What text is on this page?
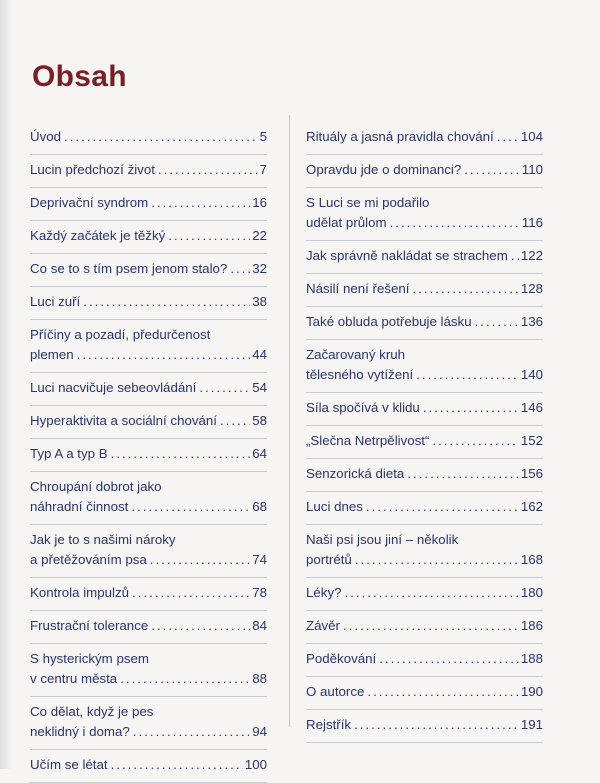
Obsah
Úvod .....	5
Lucin předchozí život .....	7
Deprivační syndrom .....	16
Každý začátek je těžký .....	22
Co se to s tím psem jenom stalo? ..... 32
Luci zuří .....	38
Příčiny a pozadí, předurčenost
plemen .....	44
Luci nacvičuje sebeovládání .....	54
Hyperaktivita a sociální chování .....	58
Typ A a typ B .....	64
Chroupání dobrot jako
náhradní činnost .....	68
Jak je to s našimi nároky
a přetěžováním psa .....	74
Kontrola impulzů .....	78
Frustrační tolerance .....	84
S hysterickým psem
v centru města .....	88
Co dělat, když je pes
neklidný i doma? .....	94
Učím se létat .....	100
Rituály a jasná pravidla chování ..... 104
Opravdu jde o dominanci? .....	110
S Luci se mi podařilo
udělat průlom .....	116
Jak správně nakládat se strachem ..... 122
Násilí není řešení .....	128
Také obluda potřebuje lásku .....	136
Začarovaný kruh
tělesného vytížení .....	140
Síla spočívá v klidu .....	146
„Slečna Netrpělivost“ .....	152
Senzorická dieta .....	156
Luci dnes .....	162
Naši psi jsou jiní – několik
portrétů .....	168
Léky? .....	180
Závěr .....	186
Poděkování .....	188
O autorce .....	190
Rejstřík .....	191
